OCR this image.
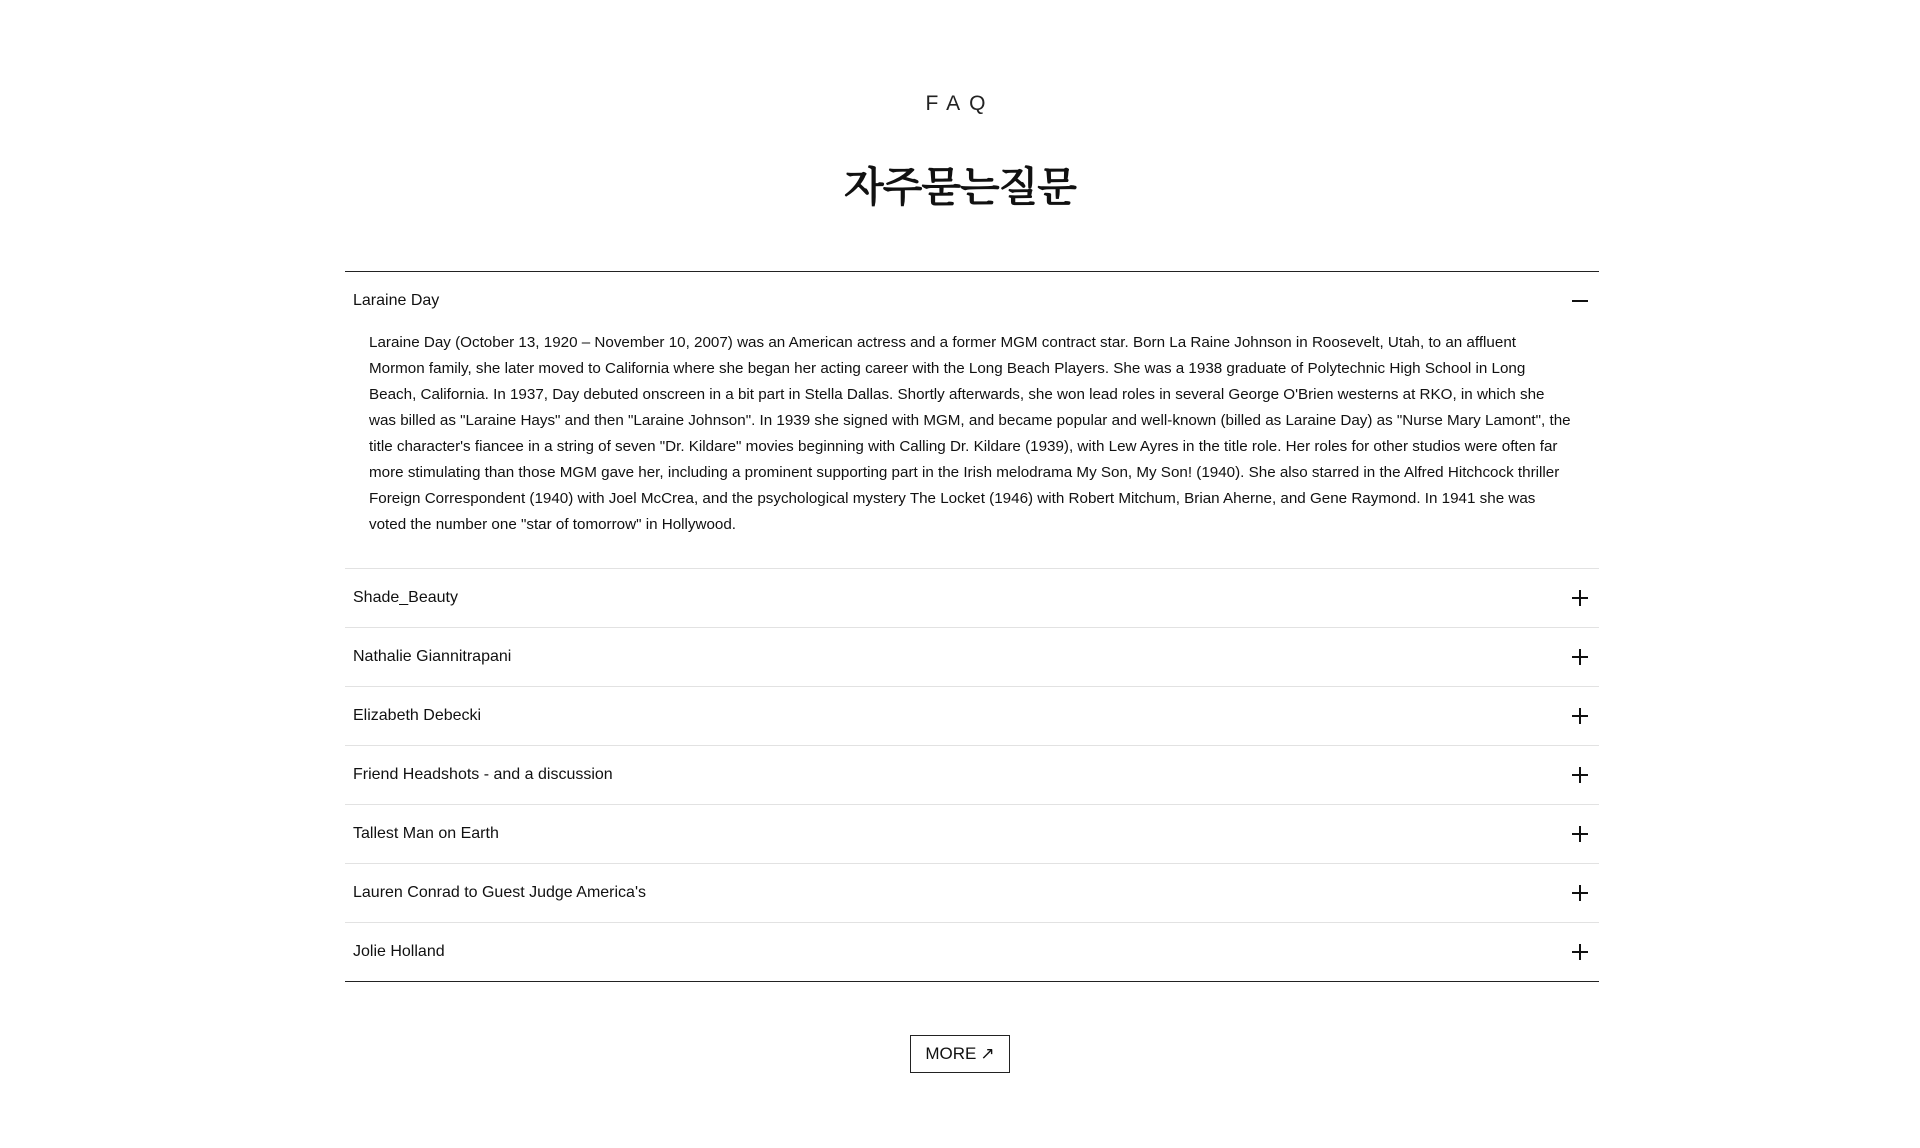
FAQ
자주묻는질문
Laraine Day
Laraine Day (October 13, 1920 – November 10, 2007) was an American actress and a former MGM contract star. Born La Raine Johnson in Roosevelt, Utah, to an affluent Mormon family, she later moved to California where she began her acting career with the Long Beach Players. She was a 1938 graduate of Polytechnic High School in Long Beach, California. In 1937, Day debuted onscreen in a bit part in Stella Dallas. Shortly afterwards, she won lead roles in several George O'Brien westerns at RKO, in which she was billed as "Laraine Hays" and then "Laraine Johnson". In 1939 she signed with MGM, and became popular and well-known (billed as Laraine Day) as "Nurse Mary Lamont", the title character's fiancee in a string of seven "Dr. Kildare" movies beginning with Calling Dr. Kildare (1939), with Lew Ayres in the title role. Her roles for other studios were often far more stimulating than those MGM gave her, including a prominent supporting part in the Irish melodrama My Son, My Son! (1940). She also starred in the Alfred Hitchcock thriller Foreign Correspondent (1940) with Joel McCrea, and the psychological mystery The Locket (1946) with Robert Mitchum, Brian Aherne, and Gene Raymond. In 1941 she was voted the number one "star of tomorrow" in Hollywood.
Shade_Beauty
Nathalie Giannitrapani
Elizabeth Debecki
Friend Headshots - and a discussion
Tallest Man on Earth
Lauren Conrad to Guest Judge America's
Jolie Holland
MORE ↗
